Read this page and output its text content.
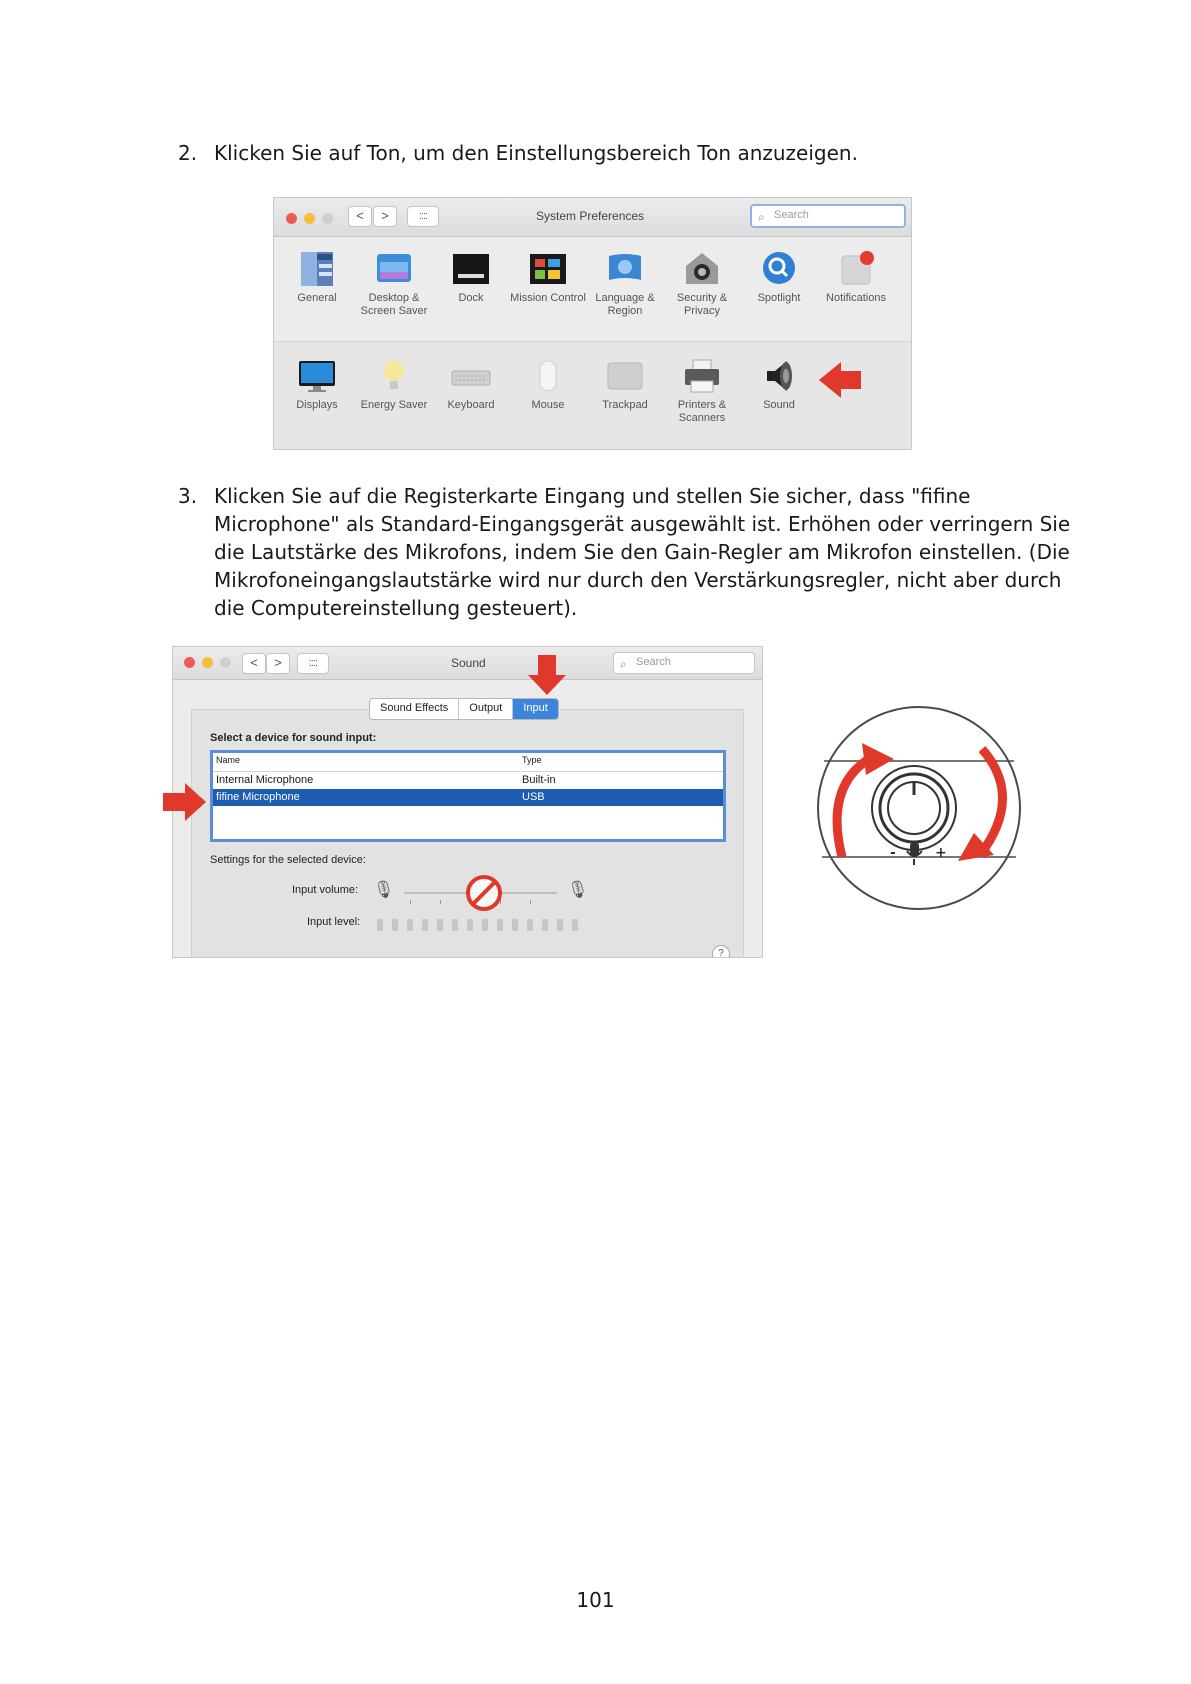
2. Klicken Sie auf Ton, um den Einstellungsbereich Ton anzuzeigen.
<	>	::::	System Preferences	⌕ Search
General	Desktop & Screen Saver
Dock	Mission Control Language & Region
Security & Privacy
Spotlight	Notifications
Displays	Energy Saver	Keyboard	Mouse	Trackpad	Printers & Scanners
Sound
3. Klicken Sie auf die Registerkarte Eingang und stellen Sie sicher, dass "fifine Microphone" als Standard-Eingangsgerät ausgewählt ist. Erhöhen oder verringern Sie die Lautstärke des Mikrofons, indem Sie den Gain-Regler am Mikrofon einstellen. (Die Mikrofoneingangslautstärke wird nur durch den Verstärkungsregler, nicht aber durch die Computereinstellung gesteuert).
<	>	::::	Sound	⌕ Search
Sound Effects	Output	Input
Select a device for sound input:
Name	Type
Internal Microphone	Built-in
fifine Microphone	USB
Settings for the selected device:
Input volume: 🎙	🎙
Input level:
?
-	+
101
